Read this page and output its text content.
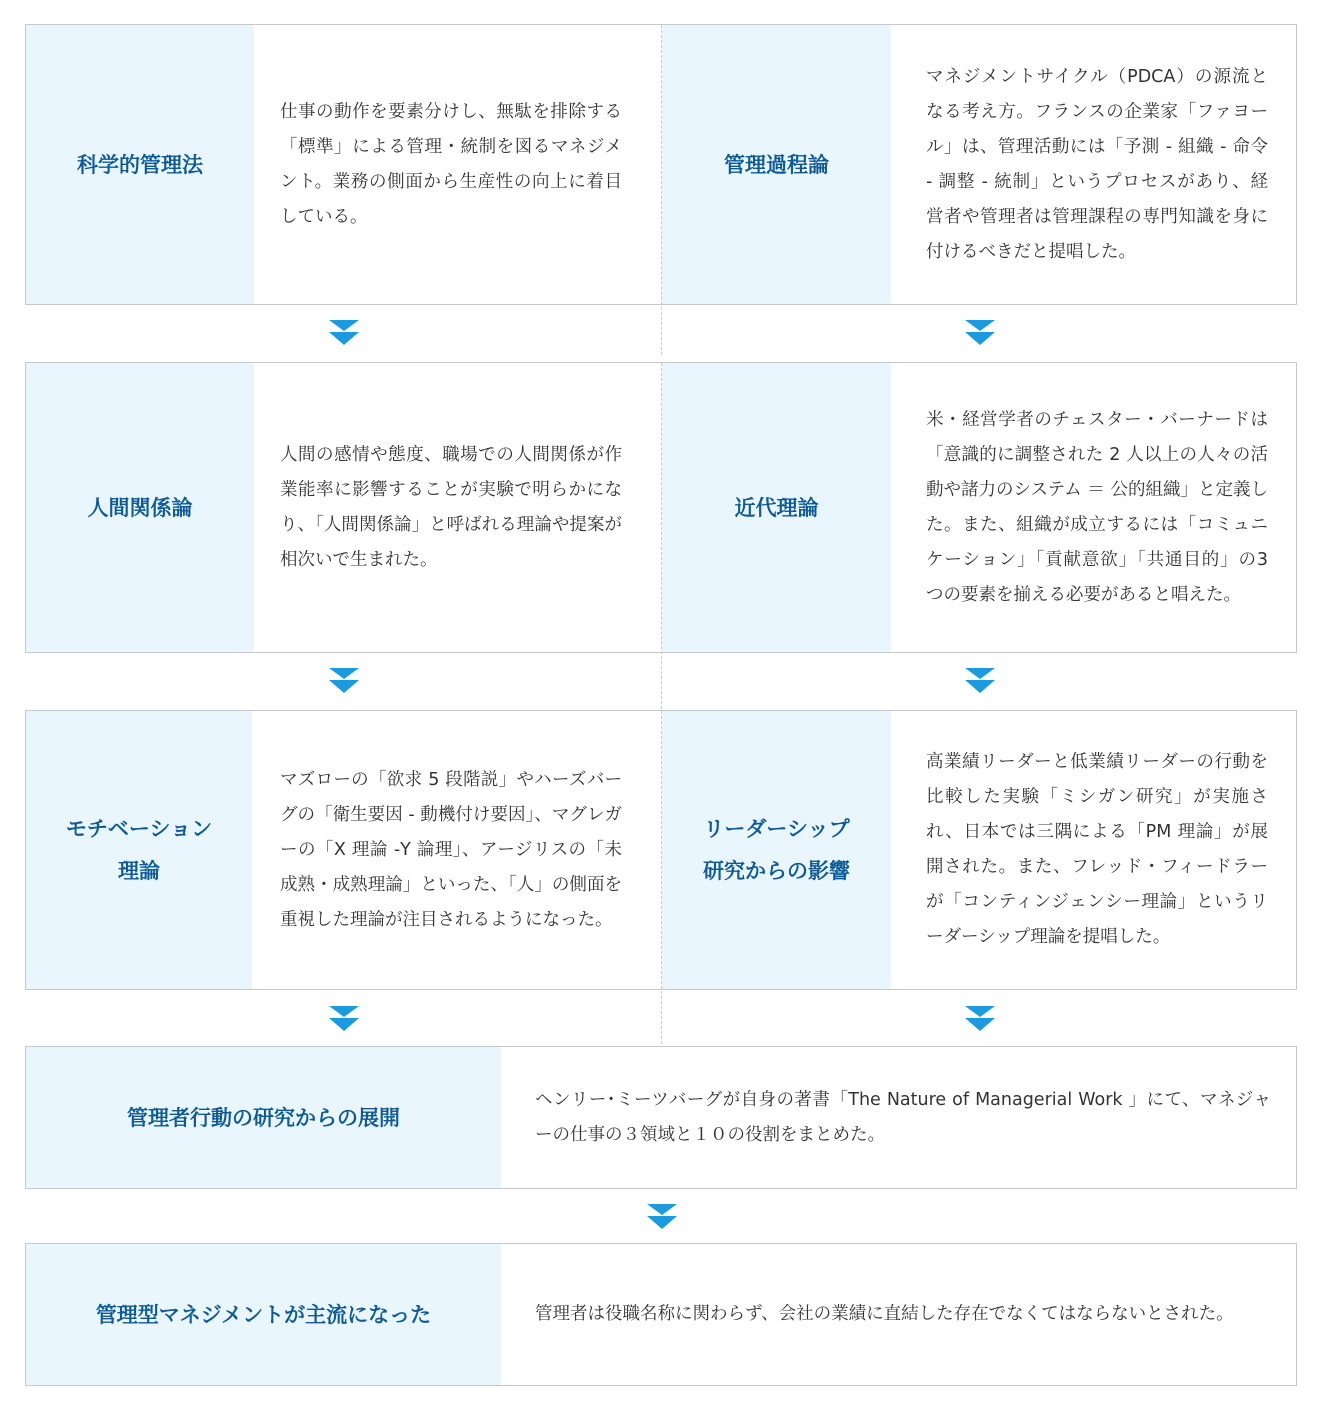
科学的管理法

仕事の動作を要素分けし、無駄を排除する「標準」による管理・統制を図るマネジメント。業務の側面から生産性の向上に着目している。

管理過程論

マネジメントサイクル（PDCA）の源流となる考え方。フランスの企業家「ファヨール」は、管理活動には「予測 - 組織 - 命令 - 調整 - 統制」というプロセスがあり、経営者や管理者は管理課程の専門知識を身に付けるべきだと提唱した。

人間関係論

人間の感情や態度、職場での人間関係が作業能率に影響することが実験で明らかになり、「人間関係論」と呼ばれる理論や提案が相次いで生まれた。

近代理論

米・経営学者のチェスター・バーナードは「意識的に調整された 2 人以上の人々の活動や諸力のシステム ＝ 公的組織」と定義した。また、組織が成立するには「コミュニケーション」「貢献意欲」「共通目的」の3つの要素を揃える必要があると唱えた。

モチベーション
理論

マズローの「欲求 5 段階説」やハーズバーグの「衛生要因 - 動機付け要因」、マグレガーの「X 理論 -Y 論理」、アージリスの「未成熟・成熟理論」といった、「人」の側面を重視した理論が注目されるようになった。

リーダーシップ
研究からの影響

高業績リーダーと低業績リーダーの行動を比較した実験「ミシガン研究」が実施され、日本では三隅による「PM 理論」が展開された。また、フレッド・フィードラーが「コンティンジェンシー理論」というリーダーシップ理論を提唱した。

管理者行動の研究からの展開

ヘンリー･ミーツバーグが自身の著書「The Nature of Managerial Work 」にて、マネジャーの仕事の３領域と１０の役割をまとめた。

管理型マネジメントが主流になった	管理者は役職名称に関わらず、会社の業績に直結した存在でなくてはならないとされた。
